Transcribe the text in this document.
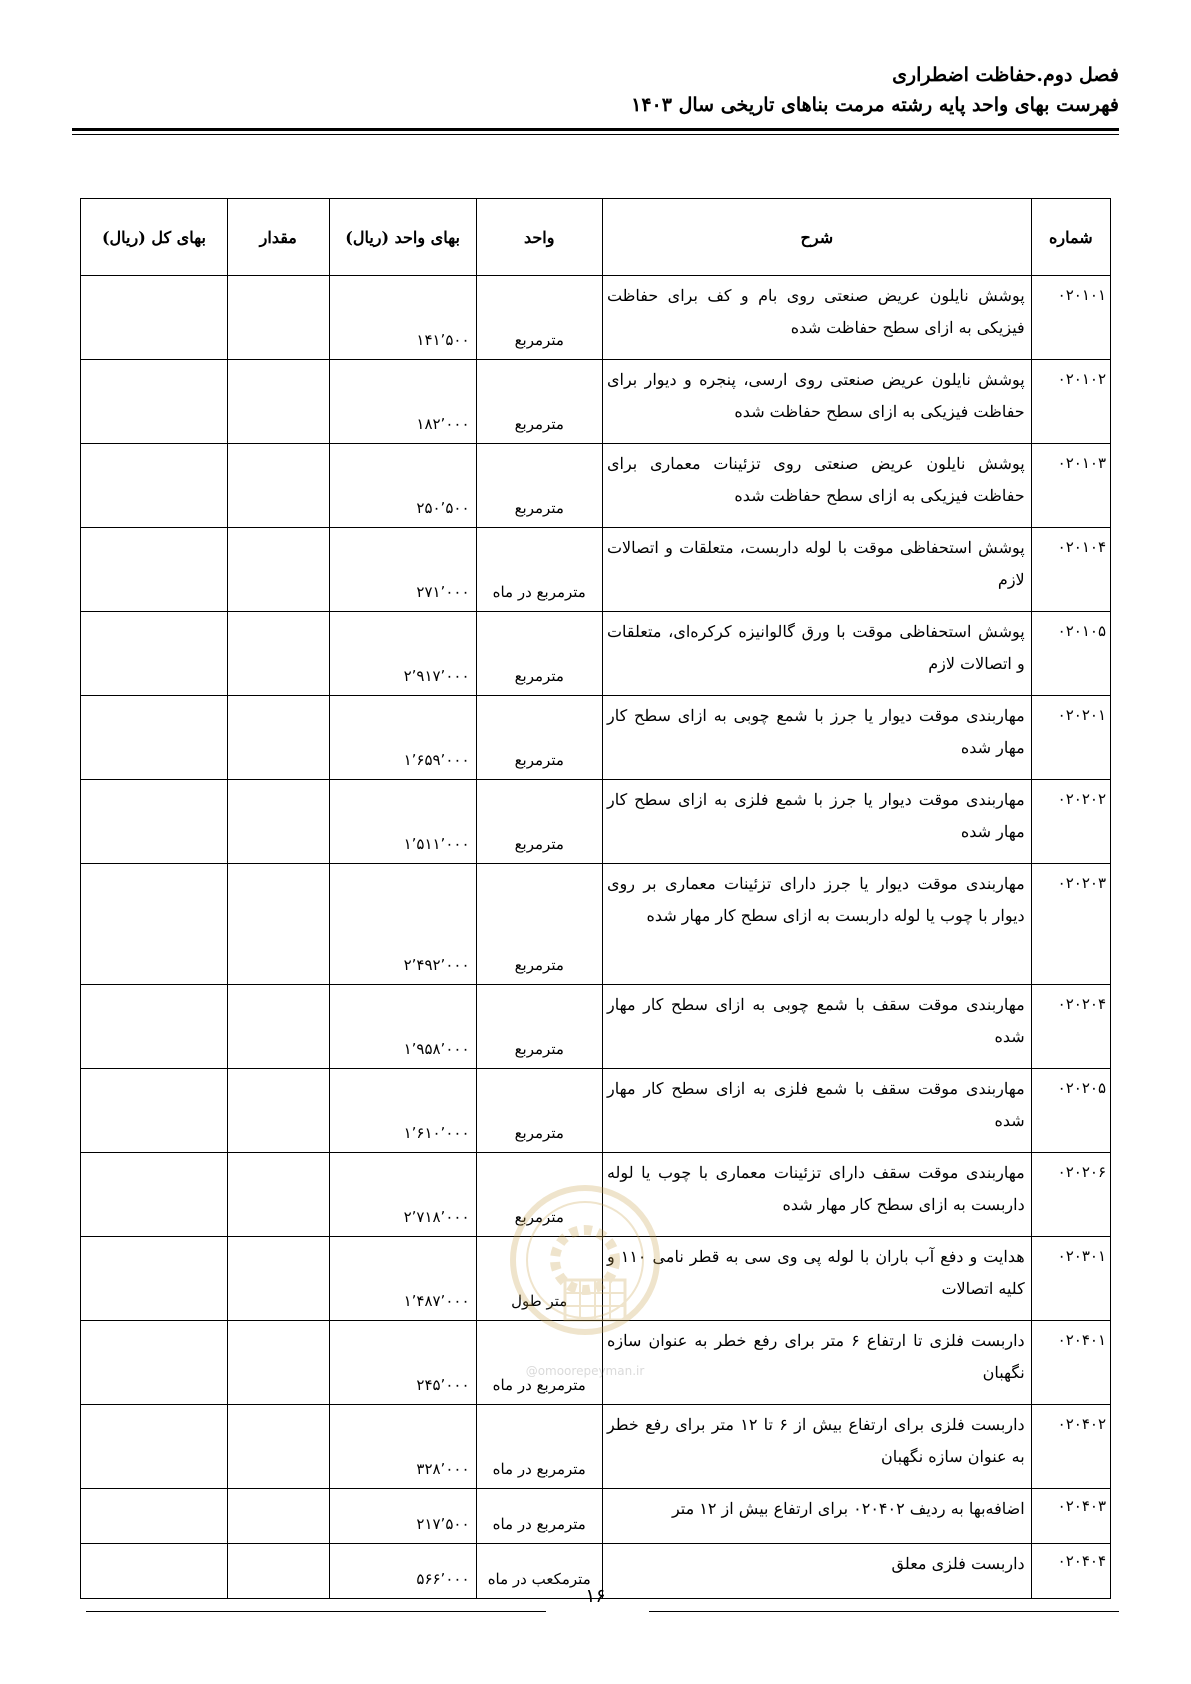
فصل دوم.حفاظت اضطراری
فهرست بهای واحد پایه رشته مرمت بناهای تاریخی سال ۱۴۰۳
شماره	شرح	واحد	بهای واحد (ریال)	مقدار	بهای کل (ریال)
۰۲۰۱۰۱	پوشش نایلون عریض صنعتی روی بام و کف برای حفاظت فیزیکی به ازای سطح حفاظت شده	مترمربع	۱۴۱٬۵۰۰		
۰۲۰۱۰۲	پوشش نایلون عریض صنعتی روی ارسی، پنجره و دیوار برای حفاظت فیزیکی به ازای سطح حفاظت شده	مترمربع	۱۸۲٬۰۰۰		
۰۲۰۱۰۳	پوشش نایلون عریض صنعتی روی تزئینات معماری برای حفاظت فیزیکی به ازای سطح حفاظت شده	مترمربع	۲۵۰٬۵۰۰		
۰۲۰۱۰۴	پوشش استحفاظی موقت با لوله داربست، متعلقات و اتصالات لازم	مترمربع در ماه	۲۷۱٬۰۰۰		
۰۲۰۱۰۵	پوشش استحفاظی موقت با ورق گالوانیزه کرکره‌ای، متعلقات و اتصالات لازم	مترمربع	۲٬۹۱۷٬۰۰۰		
۰۲۰۲۰۱	مهاربندی موقت دیوار یا جرز با شمع چوبی به ازای سطح کار مهار شده	مترمربع	۱٬۶۵۹٬۰۰۰		
۰۲۰۲۰۲	مهاربندی موقت دیوار یا جرز با شمع فلزی به ازای سطح کار مهار شده	مترمربع	۱٬۵۱۱٬۰۰۰		
۰۲۰۲۰۳	مهاربندی موقت دیوار یا جرز دارای تزئینات معماری بر روی دیوار با چوب یا لوله داربست به ازای سطح کار مهار شده	مترمربع	۲٬۴۹۲٬۰۰۰		
۰۲۰۲۰۴	مهاربندی موقت سقف با شمع چوبی به ازای سطح کار مهار شده	مترمربع	۱٬۹۵۸٬۰۰۰		
۰۲۰۲۰۵	مهاربندی موقت سقف با شمع فلزی به ازای سطح کار مهار شده	مترمربع	۱٬۶۱۰٬۰۰۰		
۰۲۰۲۰۶	مهاربندی موقت سقف دارای تزئینات معماری با چوب یا لوله داربست به ازای سطح کار مهار شده	مترمربع	۲٬۷۱۸٬۰۰۰		
۰۲۰۳۰۱	هدایت و دفع آب باران با لوله پی وی سی به قطر نامی ۱۱۰ و کلیه اتصالات	متر طول	۱٬۴۸۷٬۰۰۰		
۰۲۰۴۰۱	داربست فلزی تا ارتفاع ۶ متر برای رفع خطر به عنوان سازه نگهبان	مترمربع در ماه	۲۴۵٬۰۰۰		
۰۲۰۴۰۲	داربست فلزی برای ارتفاع بیش از ۶ تا ۱۲ متر برای رفع خطر به عنوان سازه نگهبان	مترمربع در ماه	۳۲۸٬۰۰۰		
۰۲۰۴۰۳	اضافه‌بها به ردیف ۰۲۰۴۰۲ برای ارتفاع بیش از ۱۲ متر	مترمربع در ماه	۲۱۷٬۵۰۰		
۰۲۰۴۰۴	داربست فلزی معلق	مترمکعب در ماه	۵۶۶٬۰۰۰		
@omoorepeyman.ir
۱۶
